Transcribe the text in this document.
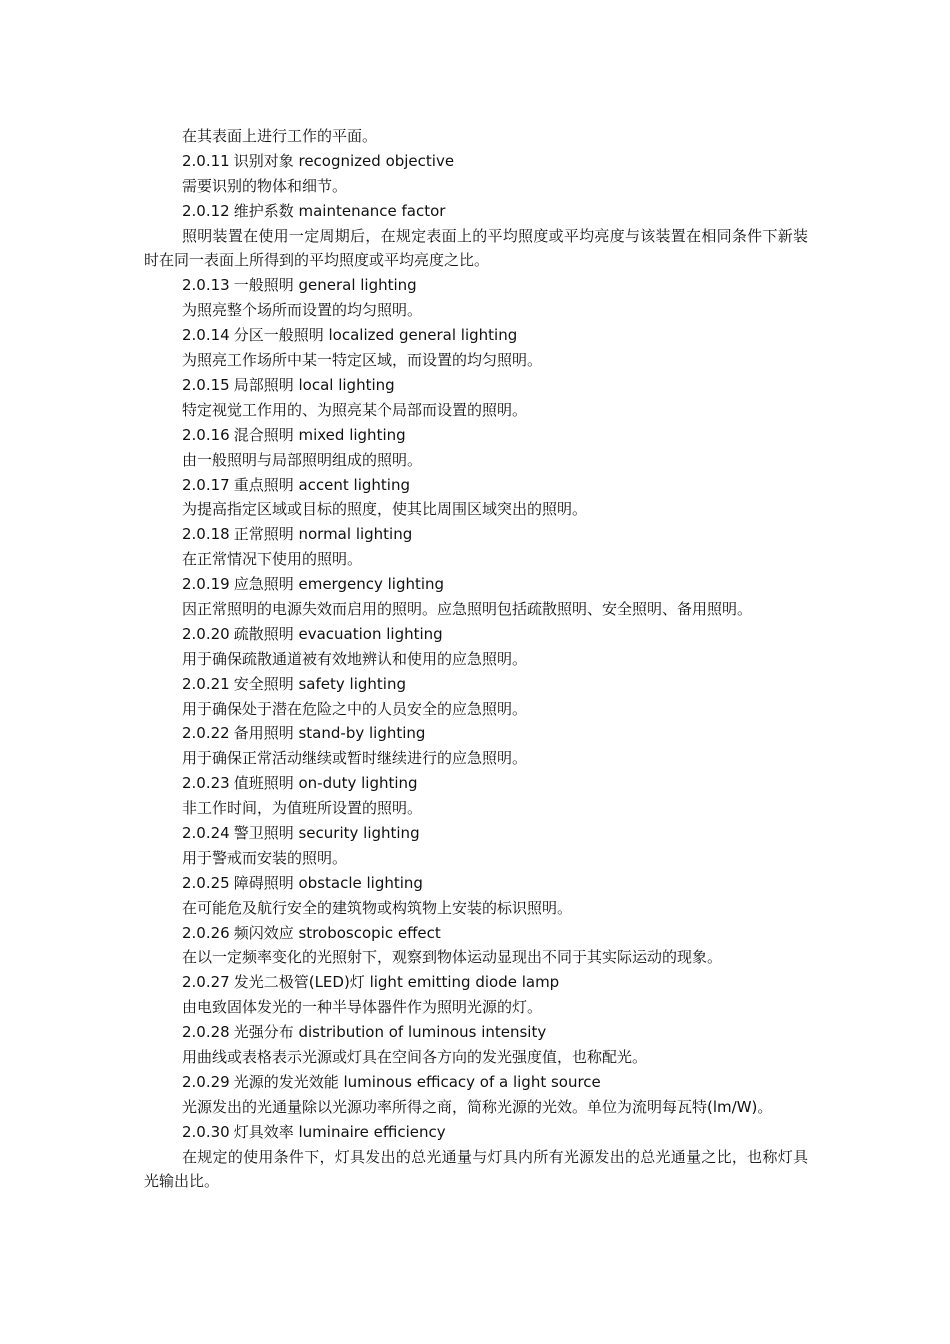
在其表面上进行工作的平面。
2.0.11 识别对象 recognized objective
需要识别的物体和细节。
2.0.12 维护系数 maintenance factor
照明装置在使用一定周期后，在规定表面上的平均照度或平均亮度与该装置在相同条件下新装时在同一表面上所得到的平均照度或平均亮度之比。
2.0.13 一般照明 general lighting
为照亮整个场所而设置的均匀照明。
2.0.14 分区一般照明 localized general lighting
为照亮工作场所中某一特定区域，而设置的均匀照明。
2.0.15 局部照明 local lighting
特定视觉工作用的、为照亮某个局部而设置的照明。
2.0.16 混合照明 mixed lighting
由一般照明与局部照明组成的照明。
2.0.17 重点照明 accent lighting
为提高指定区域或目标的照度，使其比周围区域突出的照明。
2.0.18 正常照明 normal lighting
在正常情况下使用的照明。
2.0.19 应急照明 emergency lighting
因正常照明的电源失效而启用的照明。应急照明包括疏散照明、安全照明、备用照明。
2.0.20 疏散照明 evacuation lighting
用于确保疏散通道被有效地辨认和使用的应急照明。
2.0.21 安全照明 safety lighting
用于确保处于潜在危险之中的人员安全的应急照明。
2.0.22 备用照明 stand-by lighting
用于确保正常活动继续或暂时继续进行的应急照明。
2.0.23 值班照明 on-duty lighting
非工作时间，为值班所设置的照明。
2.0.24 警卫照明 security lighting
用于警戒而安装的照明。
2.0.25 障碍照明 obstacle lighting
在可能危及航行安全的建筑物或构筑物上安装的标识照明。
2.0.26 频闪效应 stroboscopic effect
在以一定频率变化的光照射下，观察到物体运动显现出不同于其实际运动的现象。
2.0.27 发光二极管(LED)灯 light emitting diode lamp
由电致固体发光的一种半导体器件作为照明光源的灯。
2.0.28 光强分布 distribution of luminous intensity
用曲线或表格表示光源或灯具在空间各方向的发光强度值，也称配光。
2.0.29 光源的发光效能 luminous efficacy of a light source
光源发出的光通量除以光源功率所得之商，简称光源的光效。单位为流明每瓦特(lm/W)。
2.0.30 灯具效率 luminaire efficiency
在规定的使用条件下，灯具发出的总光通量与灯具内所有光源发出的总光通量之比，也称灯具光输出比。
